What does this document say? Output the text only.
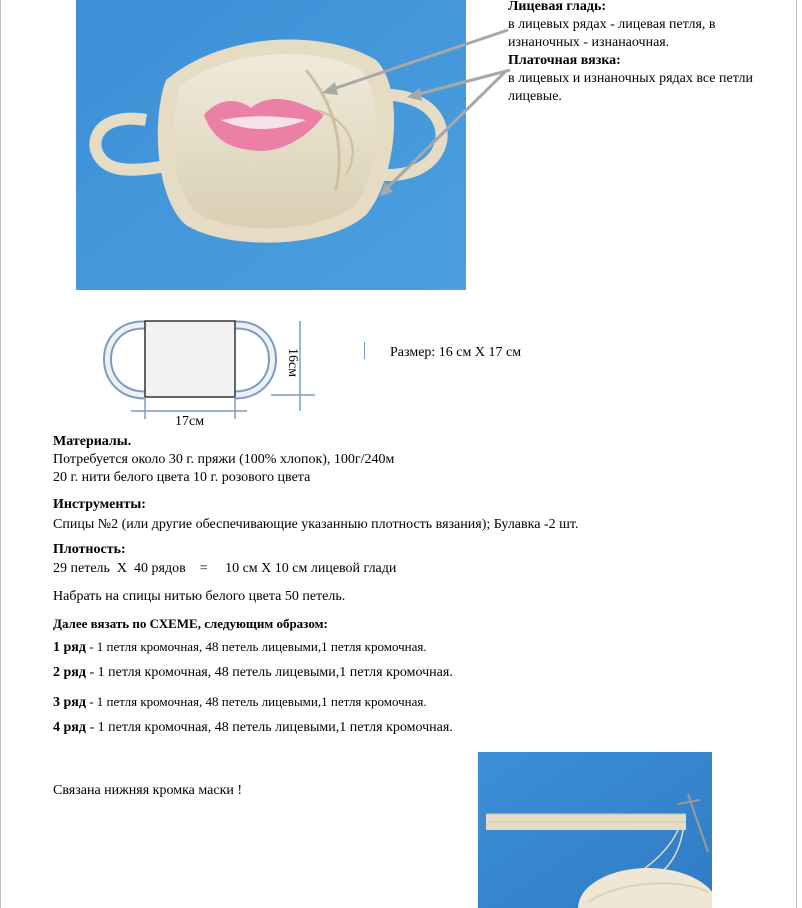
Лицевая гладь:
в лицевых рядах - лицевая петля, в изнаночных - изнанаочная.
Платочная вязка:
в лицевых и изнаночных рядах все петли лицевые.
17см
16см	Размер: 16 см Х 17 см
Материалы.
Потребуется около 30 г. пряжи (100% хлопок), 100г/240м
20 г. нити белого цвета 10 г. розового цвета
Инструменты:
Спицы №2 (или другие обеспечивающие указанныю плотность вязания); Булавка -2 шт.
Плотность:
29 петель  Х  40 рядов    =     10 см Х 10 см лицевой глади
Набрать на спицы нитью белого цвета 50 петель.
Далее вязать по СХЕМЕ, следующим образом:
1 ряд - 1 петля кромочная, 48 петель лицевыми,1 петля кромочная.
2 ряд - 1 петля кромочная, 48 петель лицевыми,1 петля кромочная.
3 ряд - 1 петля кромочная, 48 петель лицевыми,1 петля кромочная.
4 ряд - 1 петля кромочная, 48 петель лицевыми,1 петля кромочная.
Связана нижняя кромка маски !
